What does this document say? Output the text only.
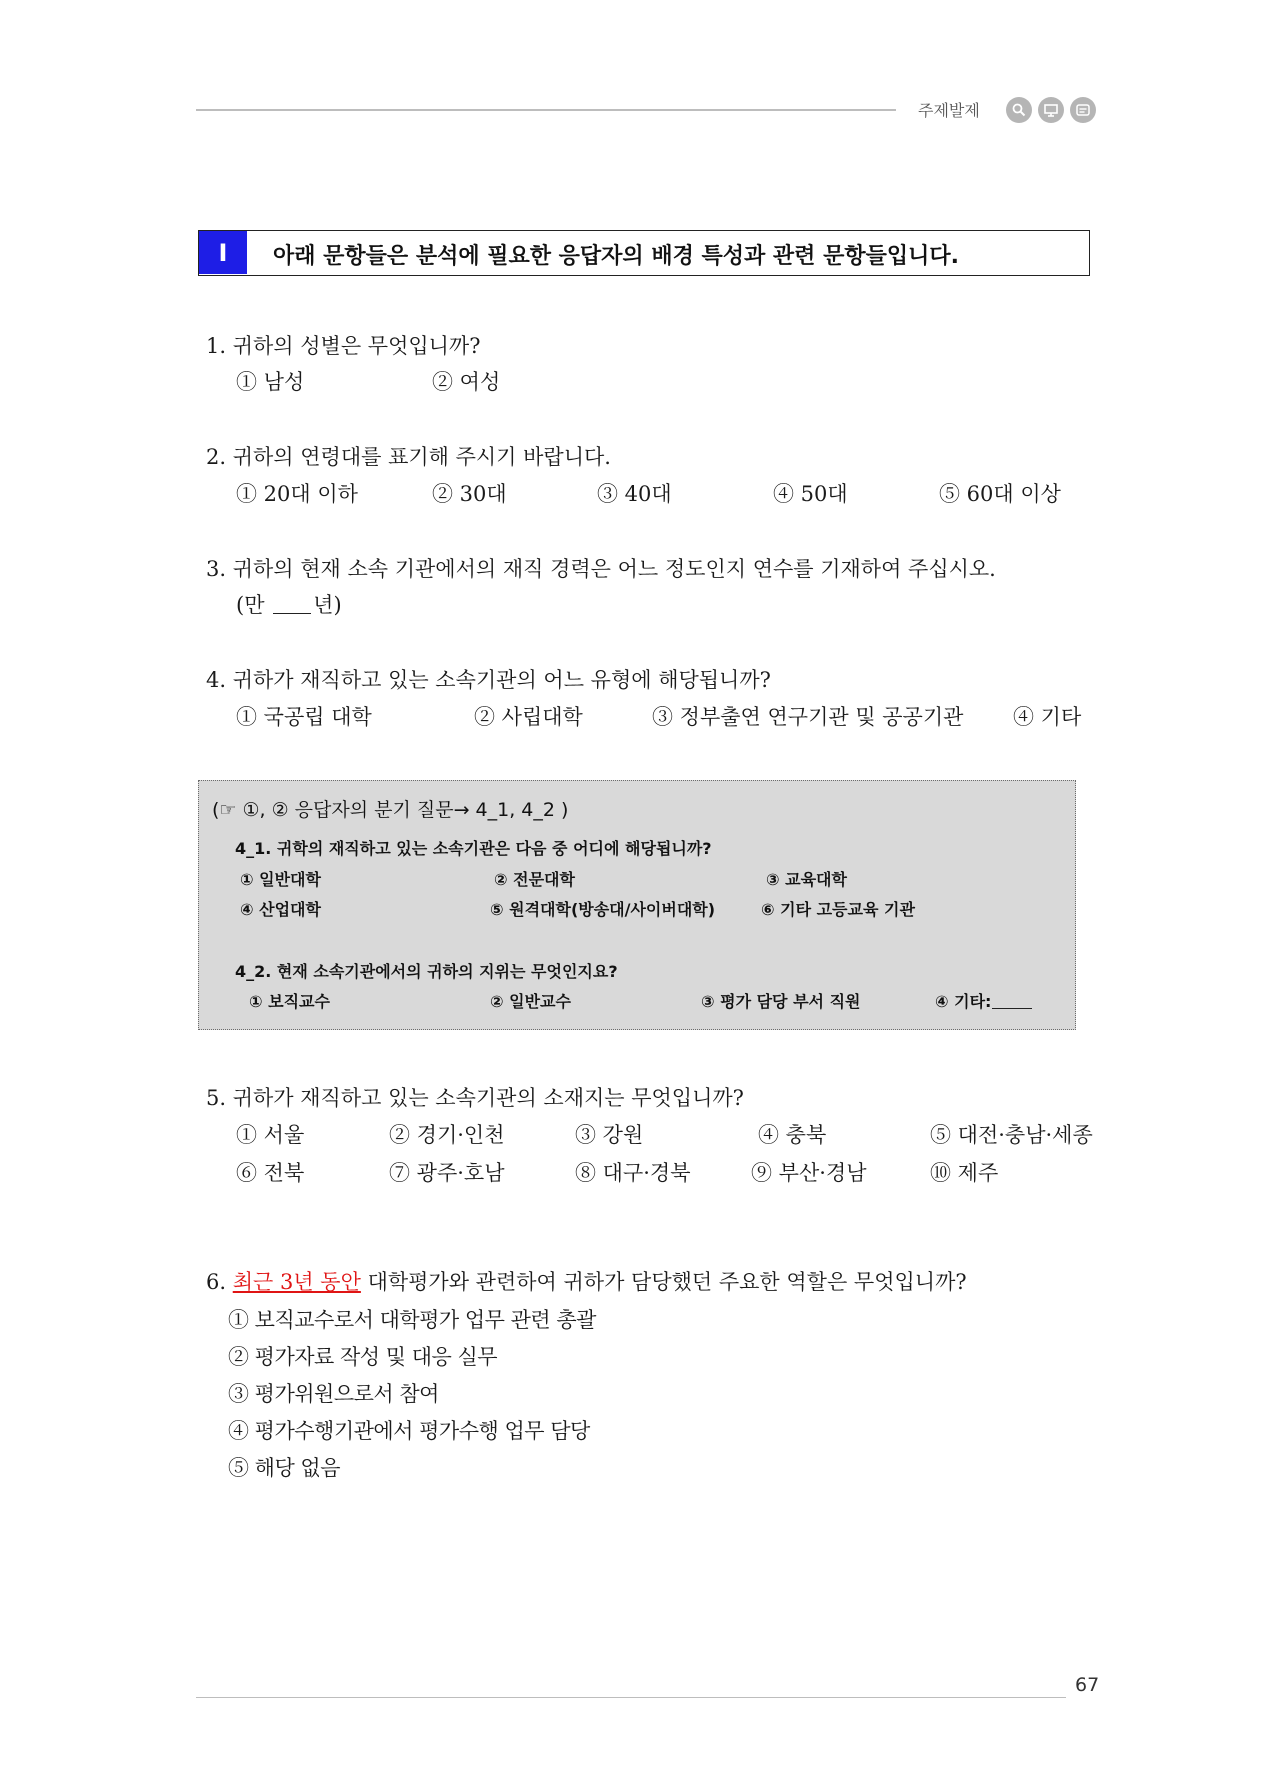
주제발제
I	아래 문항들은 분석에 필요한 응답자의 배경 특성과 관련 문항들입니다.
1. 귀하의 성별은 무엇입니까?
① 남성	② 여성
2. 귀하의 연령대를 표기해 주시기 바랍니다.
① 20대 이하	② 30대	③ 40대	④ 50대	⑤ 60대 이상
3. 귀하의 현재 소속 기관에서의 재직 경력은 어느 정도인지 연수를 기재하여 주십시오.
(만 년)
4. 귀하가 재직하고 있는 소속기관의 어느 유형에 해당됩니까?
① 국공립 대학	② 사립대학	③ 정부출연 연구기관 및 공공기관 ④ 기타
(☞ ①, ② 응답자의 분기 질문→ 4_1, 4_2 )
4_1. 귀학의 재직하고 있는 소속기관은 다음 중 어디에 해당됩니까?
① 일반대학	② 전문대학	③ 교육대학
④ 산업대학	⑤ 원격대학(방송대/사이버대학)	⑥ 기타 고등교육 기관
4_2. 현재 소속기관에서의 귀하의 지위는 무엇인지요?
① 보직교수	② 일반교수	③ 평가 담당 부서 직원	④ 기타:
5. 귀하가 재직하고 있는 소속기관의 소재지는 무엇입니까?
① 서울	② 경기·인천	③ 강원	④ 충북	⑤ 대전·충남·세종
⑥ 전북	⑦ 광주·호남	⑧ 대구·경북	⑨ 부산·경남	⑩ 제주
6. 최근 3년 동안 대학평가와 관련하여 귀하가 담당했던 주요한 역할은 무엇입니까?
① 보직교수로서 대학평가 업무 관련 총괄
② 평가자료 작성 및 대응 실무
③ 평가위원으로서 참여
④ 평가수행기관에서 평가수행 업무 담당
⑤ 해당 없음
67
